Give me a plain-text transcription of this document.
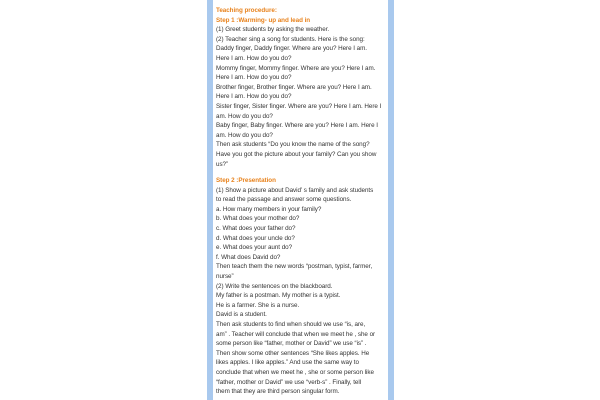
Teaching procedure:
Step 1 :Warming- up and lead in
(1) Greet students by asking the weather.
(2) Teacher sing a song for students. Here is the song:
Daddy finger, Daddy finger. Where are you? Here I am.
Here I am. How do you do?
Mommy finger, Mommy finger. Where are you? Here I am.
Here I am. How do you do?
Brother finger, Brother finger. Where are you? Here I am.
Here I am. How do you do?
Sister finger, Sister finger. Where are you? Here I am. Here I
am. How do you do?
Baby finger, Baby finger. Where are you? Here I am. Here I
am. How do you do?
Then ask students “Do you know the name of the song?
Have you got the picture about your family? Can you show
us?”
Step 2 :Presentation
(1) Show a picture about David’ s family and ask students
to read the passage and answer some questions.
a. How many members in your family?
b. What does your mother do?
c. What does your father do?
d. What does your uncle do?
e. What does your aunt do?
f. What does David do?
Then teach them the new words “postman, typist, farmer,
nurse”
(2) Write the sentences on the blackboard.
My father is a postman. My mother is a typist.
He is a farmer. She is a nurse.
David is a student.
Then ask students to find when should we use “is, are,
am” . Teacher will conclude that when we meet he , she or
some person like “father, mother or David” we use “is” .
Then show some other sentences “She likes apples. He
likes apples. I like apples.” And use the same way to
conclude that when we meet he , she or some person like
“father, mother or David” we use “verb-s” . Finally, tell
them that they are third person singular form.
